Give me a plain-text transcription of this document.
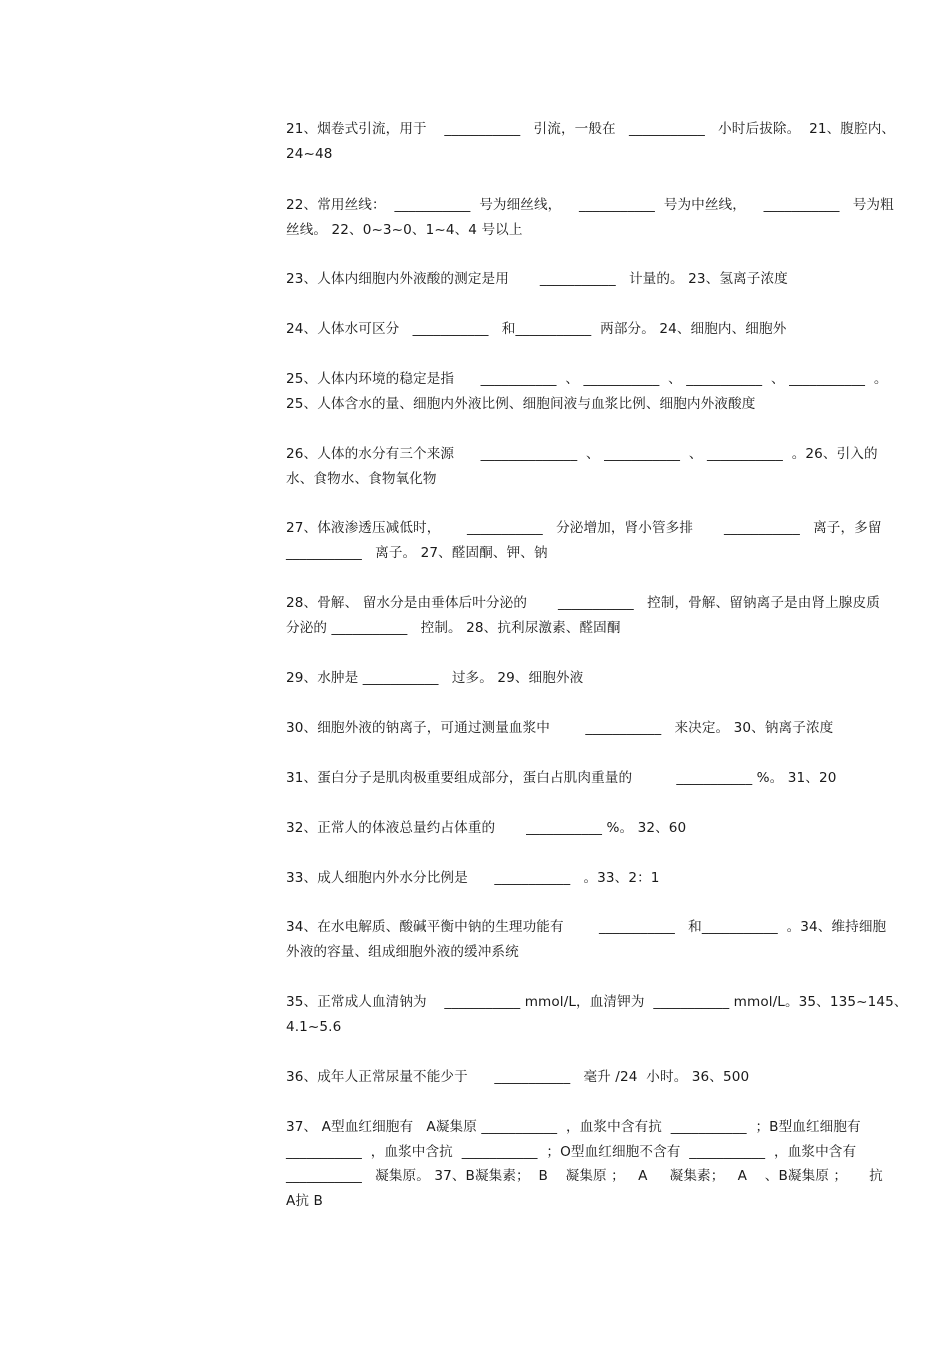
21、烟卷式引流，用于    ___________   引流，一般在   ___________   小时后拔除。  21、腹腔内、
24~48
22、常用丝线：  ___________  号为细丝线，    ___________  号为中丝线，    ___________   号为粗
丝线。 22、0~3~0、1~4、4 号以上
23、人体内细胞内外液酸的测定是用       ___________   计量的。 23、氢离子浓度
24、人体水可区分   ___________   和___________  两部分。 24、细胞内、细胞外
25、人体内环境的稳定是指      ___________  、 ___________  、 ___________  、 ___________  。
25、人体含水的量、细胞内外液比例、细胞间液与血浆比例、细胞内外液酸度
26、人体的水分有三个来源      ______________  、 ___________  、 ___________  。26、引入的
水、食物水、食物氧化物
27、体液渗透压减低时，      ___________   分泌增加，肾小管多排       ___________   离子，多留
___________   离子。 27、醛固酮、钾、钠
28、骨解、 留水分是由垂体后叶分泌的       ___________   控制，骨解、留钠离子是由肾上腺皮质
分泌的 ___________   控制。 28、抗利尿激素、醛固酮
29、水肿是 ___________   过多。 29、细胞外液
30、细胞外液的钠离子，可通过测量血浆中        ___________   来决定。 30、钠离子浓度
31、蛋白分子是肌肉极重要组成部分，蛋白占肌肉重量的          ___________ %。 31、20
32、正常人的体液总量约占体重的       ___________ %。 32、60
33、成人细胞内外水分比例是      ___________   。33、2：1
34、在水电解质、酸碱平衡中钠的生理功能有        ___________   和___________  。34、维持细胞
外液的容量、组成细胞外液的缓冲系统
35、正常成人血清钠为    ___________ mmol/L，血清钾为  ___________ mmol/L。35、135~145、
4.1~5.6
36、成年人正常尿量不能少于      ___________   毫升 /24  小时。 36、500
37、 A型血红细胞有   A凝集原 ___________  ，血浆中含有抗  ___________  ；B型血红细胞有
___________  ，血浆中含抗  ___________  ；O型血红细胞不含有  ___________  ，血浆中含有
___________   凝集原。 37、B凝集素；  B    凝集原 ；   A     凝集素；   A    、B凝集原 ；     抗
A抗 B
